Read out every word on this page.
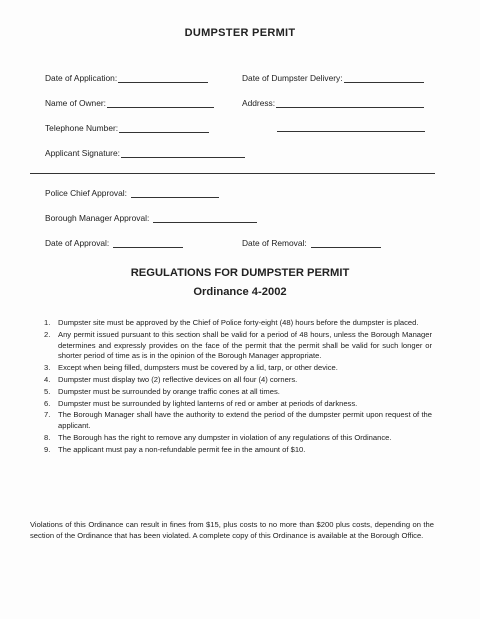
DUMPSTER PERMIT
Date of Application:	Date of Dumpster Delivery:
Name of Owner:	Address:
Telephone Number:
Applicant Signature:
Police Chief Approval:
Borough Manager Approval:
Date of Approval:	Date of Removal:
REGULATIONS FOR DUMPSTER PERMIT
Ordinance 4-2002
1. Dumpster site must be approved by the Chief of Police forty-eight (48) hours before the dumpster is placed.
2. Any permit issued pursuant to this section shall be valid for a period of 48 hours, unless the Borough Manager determines and expressly provides on the face of the permit that the permit shall be valid for such longer or shorter period of time as is in the opinion of the Borough Manager appropriate.
3. Except when being filled, dumpsters must be covered by a lid, tarp, or other device.
4. Dumpster must display two (2) reflective devices on all four (4) corners.
5. Dumpster must be surrounded by orange traffic cones at all times.
6. Dumpster must be surrounded by lighted lanterns of red or amber at periods of darkness.
7. The Borough Manager shall have the authority to extend the period of the dumpster permit upon request of the applicant.
8. The Borough has the right to remove any dumpster in violation of any regulations of this Ordinance.
9. The applicant must pay a non-refundable permit fee in the amount of $10.
Violations of this Ordinance can result in fines from $15, plus costs to no more than $200 plus costs, depending on the section of the Ordinance that has been violated. A complete copy of this Ordinance is available at the Borough Office.
